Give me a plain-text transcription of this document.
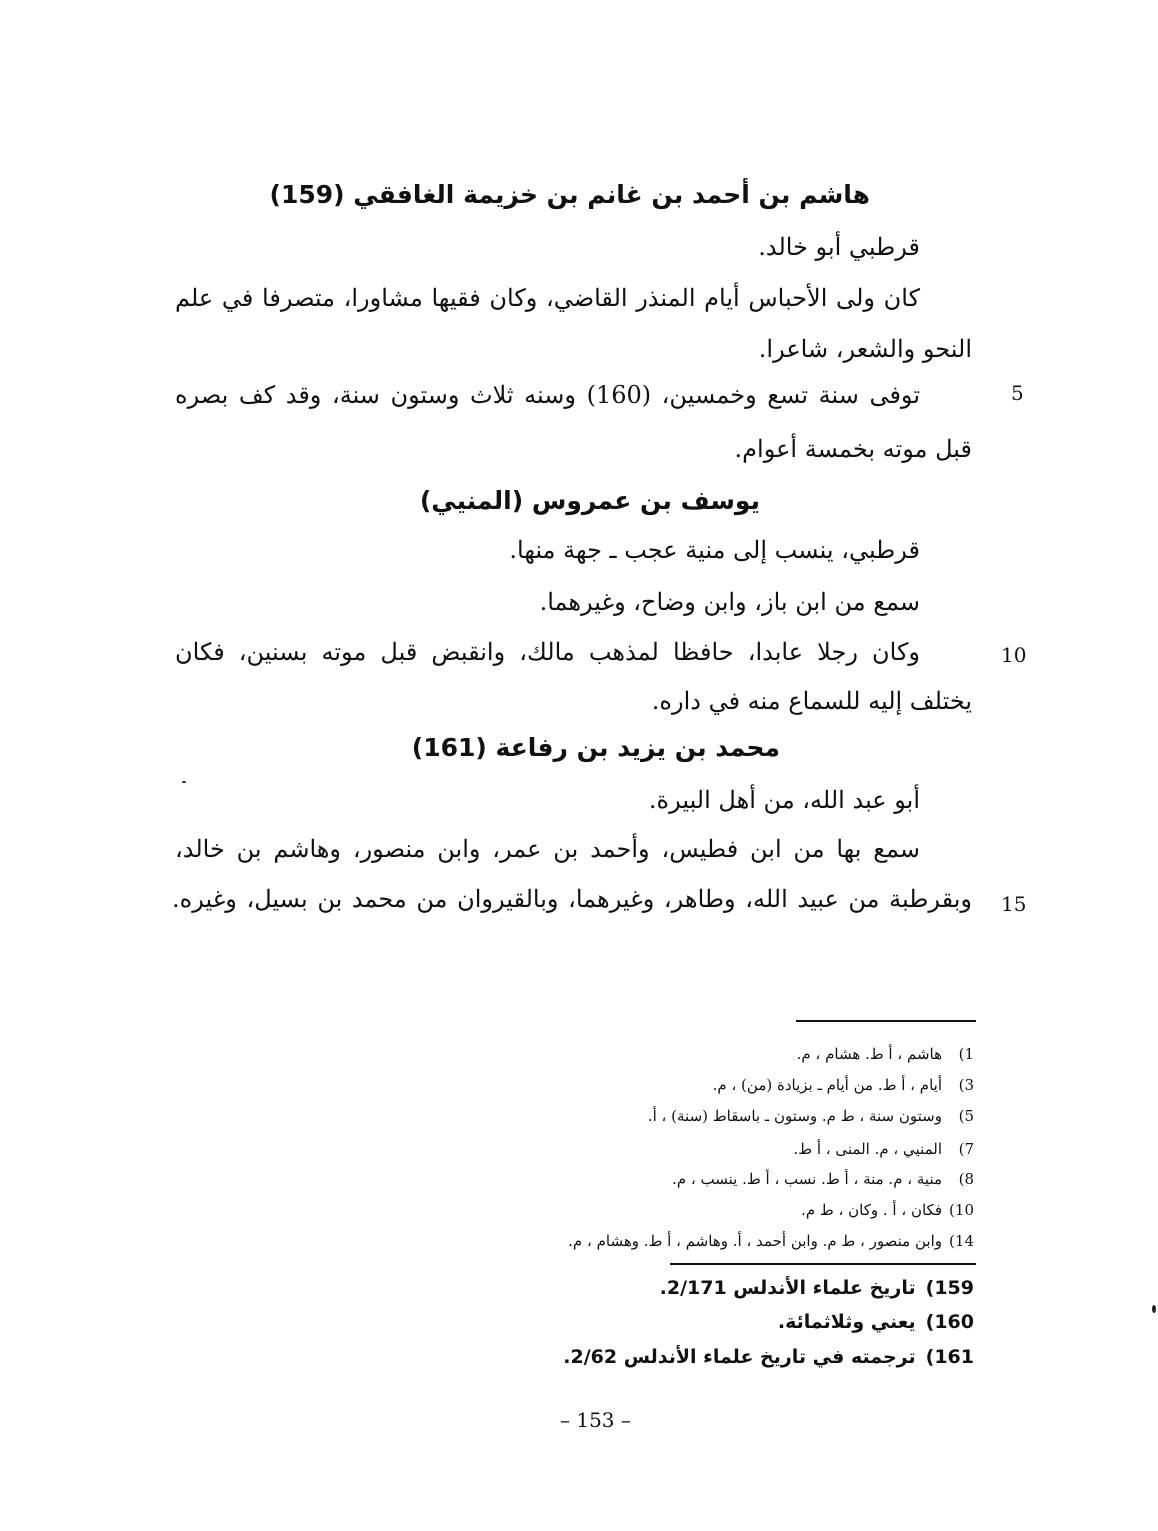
هاشم بن أحمد بن غانم بن خزيمة الغافقي (159)
قرطبي أبو خالد.
كان ولى الأحباس أيام المنذر القاضي، وكان فقيها مشاورا، متصرفا في علم
النحو والشعر، شاعرا.
توفى سنة تسع وخمسين، (160) وسنه ثلاث وستون سنة، وقد كف بصره
قبل موته بخمسة أعوام.
5
يوسف بن عمروس (المنيي)
قرطبي، ينسب إلى منية عجب ـ جهة منها.
سمع من ابن باز، وابن وضاح، وغيرهما.
وكان رجلا عابدا، حافظا لمذهب مالك، وانقبض قبل موته بسنين، فكان
يختلف إليه للسماع منه في داره.
10
محمد بن يزيد بن رفاعة (161)
أبو عبد الله، من أهل البيرة.
سمع بها من ابن فطيس، وأحمد بن عمر، وابن منصور، وهاشم بن خالد،
وبقرطبة من عبيد الله، وطاهر، وغيرهما، وبالقيروان من محمد بن بسيل، وغيره. 15
1)هاشم ، أ ط. هشام ، م.
3)أيام ، أ ط. من أيام ـ بزيادة (من) ، م.
5)وستون سنة ، ط م. وستون ـ باسقاط (سنة) ، أ.
7)المنيي ، م. المنى ، أ ط.
8)منية ، م. منة ، أ ط. نسب ، أ ط. ينسب ، م.
10)فكان ، أ . وكان ، ط م.
14)وابن منصور ، ط م. وابن أحمد ، أ. وهاشم ، أ ط. وهشام ، م.
159)تاريخ علماء الأندلس 2/171.
160)يعني وثلاثمائة.
161)ترجمته في تاريخ علماء الأندلس 2/62.
– 153 –
